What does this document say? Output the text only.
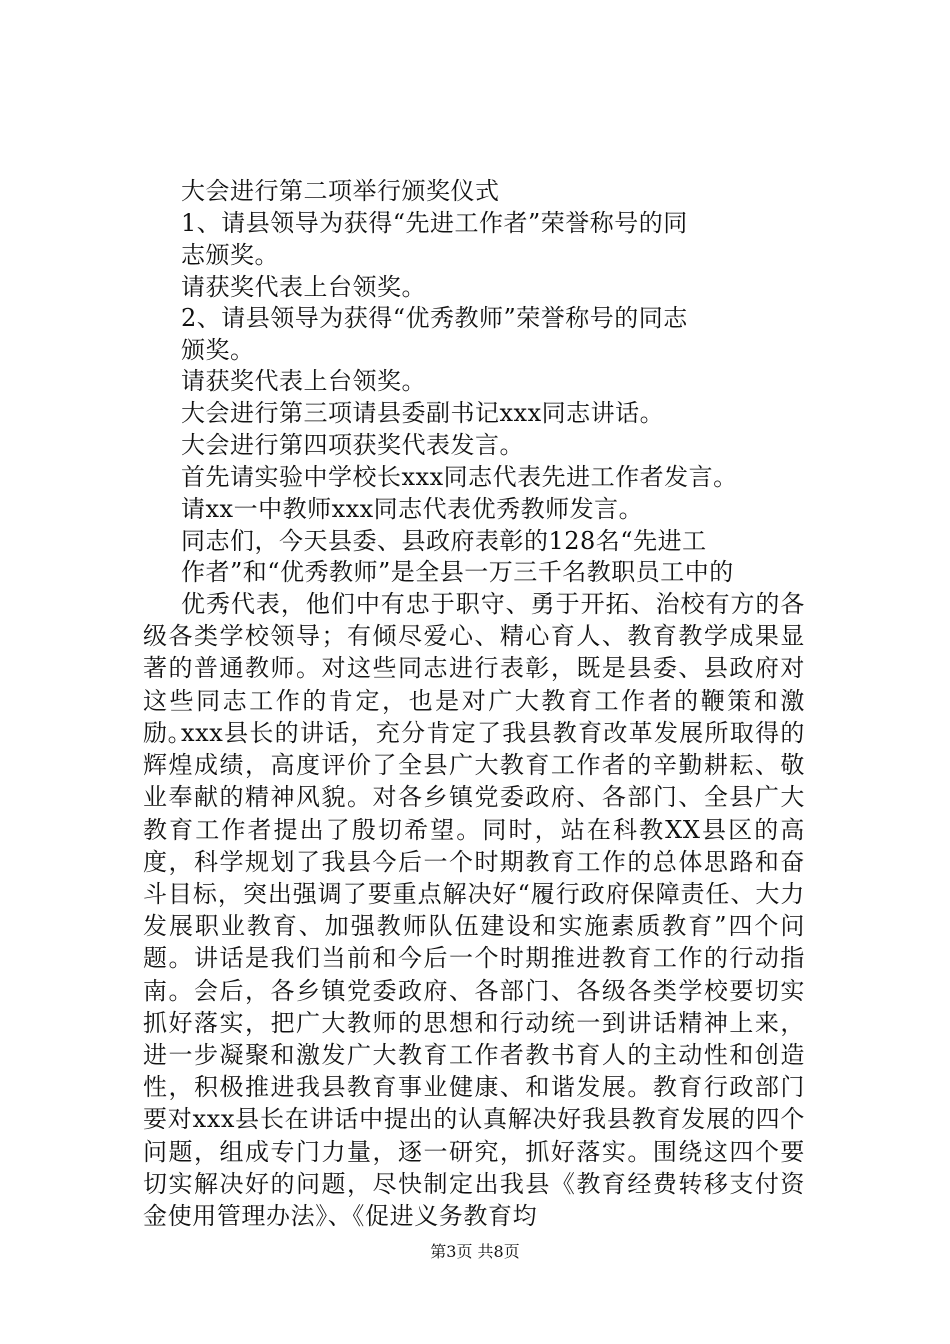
大会进行第二项举行颁奖仪式
1、请县领导为获得“先进工作者”荣誉称号的同
志颁奖。
请获奖代表上台领奖。
2、请县领导为获得“优秀教师”荣誉称号的同志
颁奖。
请获奖代表上台领奖。
大会进行第三项请县委副书记xxx同志讲话。
大会进行第四项获奖代表发言。
首先请实验中学校长xxx同志代表先进工作者发言。
请xx一中教师xxx同志代表优秀教师发言。
同志们，今天县委、县政府表彰的128名“先进工
作者”和“优秀教师”是全县一万三千名教职员工中的
优秀代表，他们中有忠于职守、勇于开拓、治校有方的各级各类学校领导；有倾尽爱心、精心育人、教育教学成果显著的普通教师。对这些同志进行表彰，既是县委、县政府对这些同志工作的肯定，也是对广大教育工作者的鞭策和激励。
xxx县长的讲话，充分肯定了我县教育改革发展所取得的辉煌成绩，高度评价了全县广大教育工作者的辛勤耕耘、敬业奉献的精神风貌。对各乡镇党委政府、各部门、全县广大教育工作者提出了殷切希望。同时，站在科教XX县区的高度，科学规划了我县今后一个时期教育工作的总体思路和奋斗目标，突出强调了要重点解决好“履行政府保障责任、大力发展职业教育、加强教师队伍建设和实施素质教育”四个问题。讲话是我们当前和今后一个时期推进教育工作的行动指南。会后，各乡镇党委政府、各部门、各级各类学校要切实抓好落实，把广大教师的思想和行动统一到讲话精神上来，进一步凝聚和激发广大教育工作者教书育人的主动性和创造性，积极推进我县教育事业健康、和谐发展。教育行政部门要对xxx县长在讲话中提出的认真解决好我县教育发展的四个问题，组成专门力量，逐一研究，抓好落实。围绕这四个要切实解决好的问题，尽快制定出我县《教育经费转移支付资金使用管理办法》、《促进义务教育均
第3页 共8页
